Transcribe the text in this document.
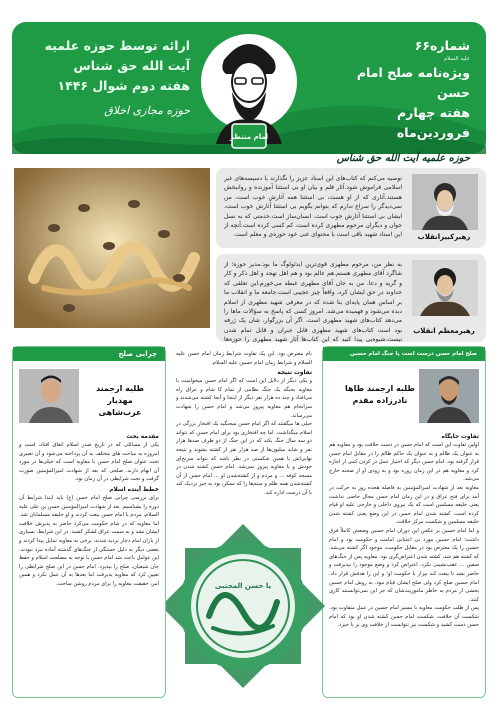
شماره۶۶
علیه السلام
ویژه‌نامه صلح امام حسن
هفته چهارم فروردین‌ماه
حوزه علمیه آیت الله حق شناس
امام منتظر
ارائه توسط حوزه علمیه
آیت الله حق شناس
هفته دوم شوال ۱۴۴۶
حوزه مجازی اخلاق
رهبرکبیرانقلاب

توصیه می‌کنم که کتاب‌های این استاد عزیز را نگذارند با دسیسه‌های غیر اسلامی فراموش شود.آثار قلم و بیان او بی استثنا آموزنده و روانبخش هستند.آثاری که از او هست، بی استثنا همه آثارش خوب است، من نمی‌دیدگر را سراغ ندارم که بتوانم بگویم بی استثنا آثارش خوب است، ایشان بی استثنا آثارش خوب است. انسان‌ساز است.خدمتی که به نسل جوان و دیگران مرحوم مطهری کرده است، کم کسی کرده است.آنچه از این استاد شهید باقی است با محتوای غنی خود حوزه‌ی و معلم است.

رهبرمعظم انقلاب

به نظر من، مرحوم مطهری قوی‌ترین ایدئولوگ ما بود.مدیر حوزه؛ از شاگرد آقای مطهری هستم.هم عالم بود و هم اهل تهجد و اهل ذکر و کار و گریه و دعا. من به جان آقای مطهری غبطه می‌خورم.این تعلقی که خداوند در حق ایشان کرد، واقعاً چیز عجیبی است.جامعه ما و انقلاب ما بر اساس همان پایه‌ای بنا شده که در معرفی شهید مطهری از اسلام دیده می‌شود و فهمیده می‌شد. امروز کسی که پاسخ به سؤالات ماها را می‌دهد کتاب‌های شهید مطهری است. اگر آن بزرگوار، شان یک ژرفه بود است کتاب‌های شهید مطهری قابل جبران و قابل تمام شدن نیست.شیوه‌یی پیدا کنید که این کتاب‌ها آثار شهید مطهری را حوزه‌ها

صلح امام حسن درست است یا جنگ امام حسین
طلبه ارجمند طاها نادرزاده مقدم
تفاوت جایگاه

اولین تفاوت این است که امام حسن در دست خلافت بود و معاویه هم به عنوان یک ظالم و به عنوان یک حاکم ظالم را در مقابل امام حسن قرار گرفته بود. امام حسن دیگر که اختیار عمل در کردن کمی از اجازه کرد و معاویه هم در این زمان زوره بود و به زودی او از صحنه خارج می‌شد.

معاویه بعد از شهادت امیرالمؤمنین به فاصله هجده روز به حرکت در آمد برای فتح عراق و در این زمان امام حسن مجال خاصی نداشت یعنی خلیفه مسلمین است که یک نیروی داخلی و خارجی علیه او قیام کرده است. کشته شدن امام حسن در این وضع یعنی کشته شدن خلیفه مسلمین و شکست مرکز خلافت.

و اما امام حسین بر عکس این دوران امام حسین وضعش کاملاً فرق داشت؛ امام حسین مورد بی اعتنایی امامت و حکومت بود و امام حسین را یک معترض بود در مقابل حکومت، موجود اگر کشته می‌شد، که کشته هم شد، کشته شدن اعتراض‌گری بود. معاویه پس از جنگ‌های صفین ... عقب‌نشینی نکرد. اعتراض کرد و وضع موجود را نپذیرفت و حاضر نشد تا بیعت کند بیزار با حکومت او؛ و این را هدفش قرار داد. امام حسین صلح کرد ولی صلح ایشان قیام نبود. به روش امام حسین بخشی از مردم به خاطر ماموریت‌شان که جز این نمی‌توانستند کاری کنند.

پس از طلب حکومت معاویه با مسیر امام حسین در عمل متفاوت بود. شکست آن خلافت، شکست امام حسن کشته شدن او بود که امام حسن دست کشید و شکست نیز نتوانست از خلافت وی بر پا خیزد.

نام معترض بود. این یک تفاوت شرایط زمان امام حسن علیه السلام و شرایط زمان امام حسین علیه السلام.

تفاوت نتیجه

و یکی دیگر از دلایل این است که اگر امام حسن میخواست با معاویه بجنگد یک جنگ نظامی از تمام کا شام و عراق راه می‌افتاد و چند ده هزار نفر دیگر از اینجا و آنجا کشته می‌شدند و سرانجام هم معاویه پیروز می‌شد و امام حسن را شهادت می‌رساند.

خیلی ها میگفتند که اگر امام حسن میجنگید یک افتخار بزرگی در اسلام میگذاشت. اما چه افتخاری بود برای امام حسن که نتواند دو سه سال جنگ بکند که در این جنگ از دو طرف صدها هزار نفر و شاید میلیون‌ها از صد هزار نفر از کشته بشوند و نتیجه نهایی‌اش با همین شکستی در نظر باشد که بتواند سرنخ‌ای خودش و با معاویه پیروز نمی‌شد. امام حسن کشته شدن در مسجد کوفه ... و مردم و از کشته‌شدن او ... امام حسن از آن کشته‌شدن همه ظلم و ستم‌ها را که ممکن بود به خیر نزدیک کند با آن درست اداره کند.

یا حسن المجتبی
چرایی صلح
طلبه ارجمند مهدیار عرب‌شاهی
مقدمه بحث

یکی از مسائلی که در تاریخ صدر اسلام اتفاق افتاد، است و امروزه به مباحث های مختلف به آن پرداخته می‌شود و آن تعبیری تحت عنوان صلح امام حسن با معاویه است که خیلی‌ها در مورد آن ابهام دارند. صلحی که بعد از شهادت امیرالمؤمنین صورت گرفت و تحت شرایطی در آن زمان بود.

خطط آینده اسلام

برای بررسی چرایی صلح امام حسن (ع) باید ابتدا شرایط آن دوره را بشناسیم. بعد از شهادت امیرالمؤمنین حسن بن علی علیه السلام، مردم با امام حسن بیعت کردند و او خلیفه مسلمانان شد. اما معاویه که در شام حکومت می‌کرد حاضر به پذیرش خلافت ایشان نشد و به سمت عراق لشکر کشید. در این شرایط، بسیاری از یاران امام دچار تردید شدند، برخی به معاویه تمایل پیدا کردند و بعضی دیگر به دلیل خستگی از جنگ‌های گذشته آماده نبرد نبودند. این عوامل باعث شد امام حسن با توجه به مصلحت اسلام و حفظ جان شیعیان، صلح را بپذیرد. امام حسن در این صلح شرایطی را تعیین کرد که معاویه پذیرفت اما بعدها به آن عمل نکرد و همین امر، حقیقت معاویه را برای مردم روشن ساخت.
